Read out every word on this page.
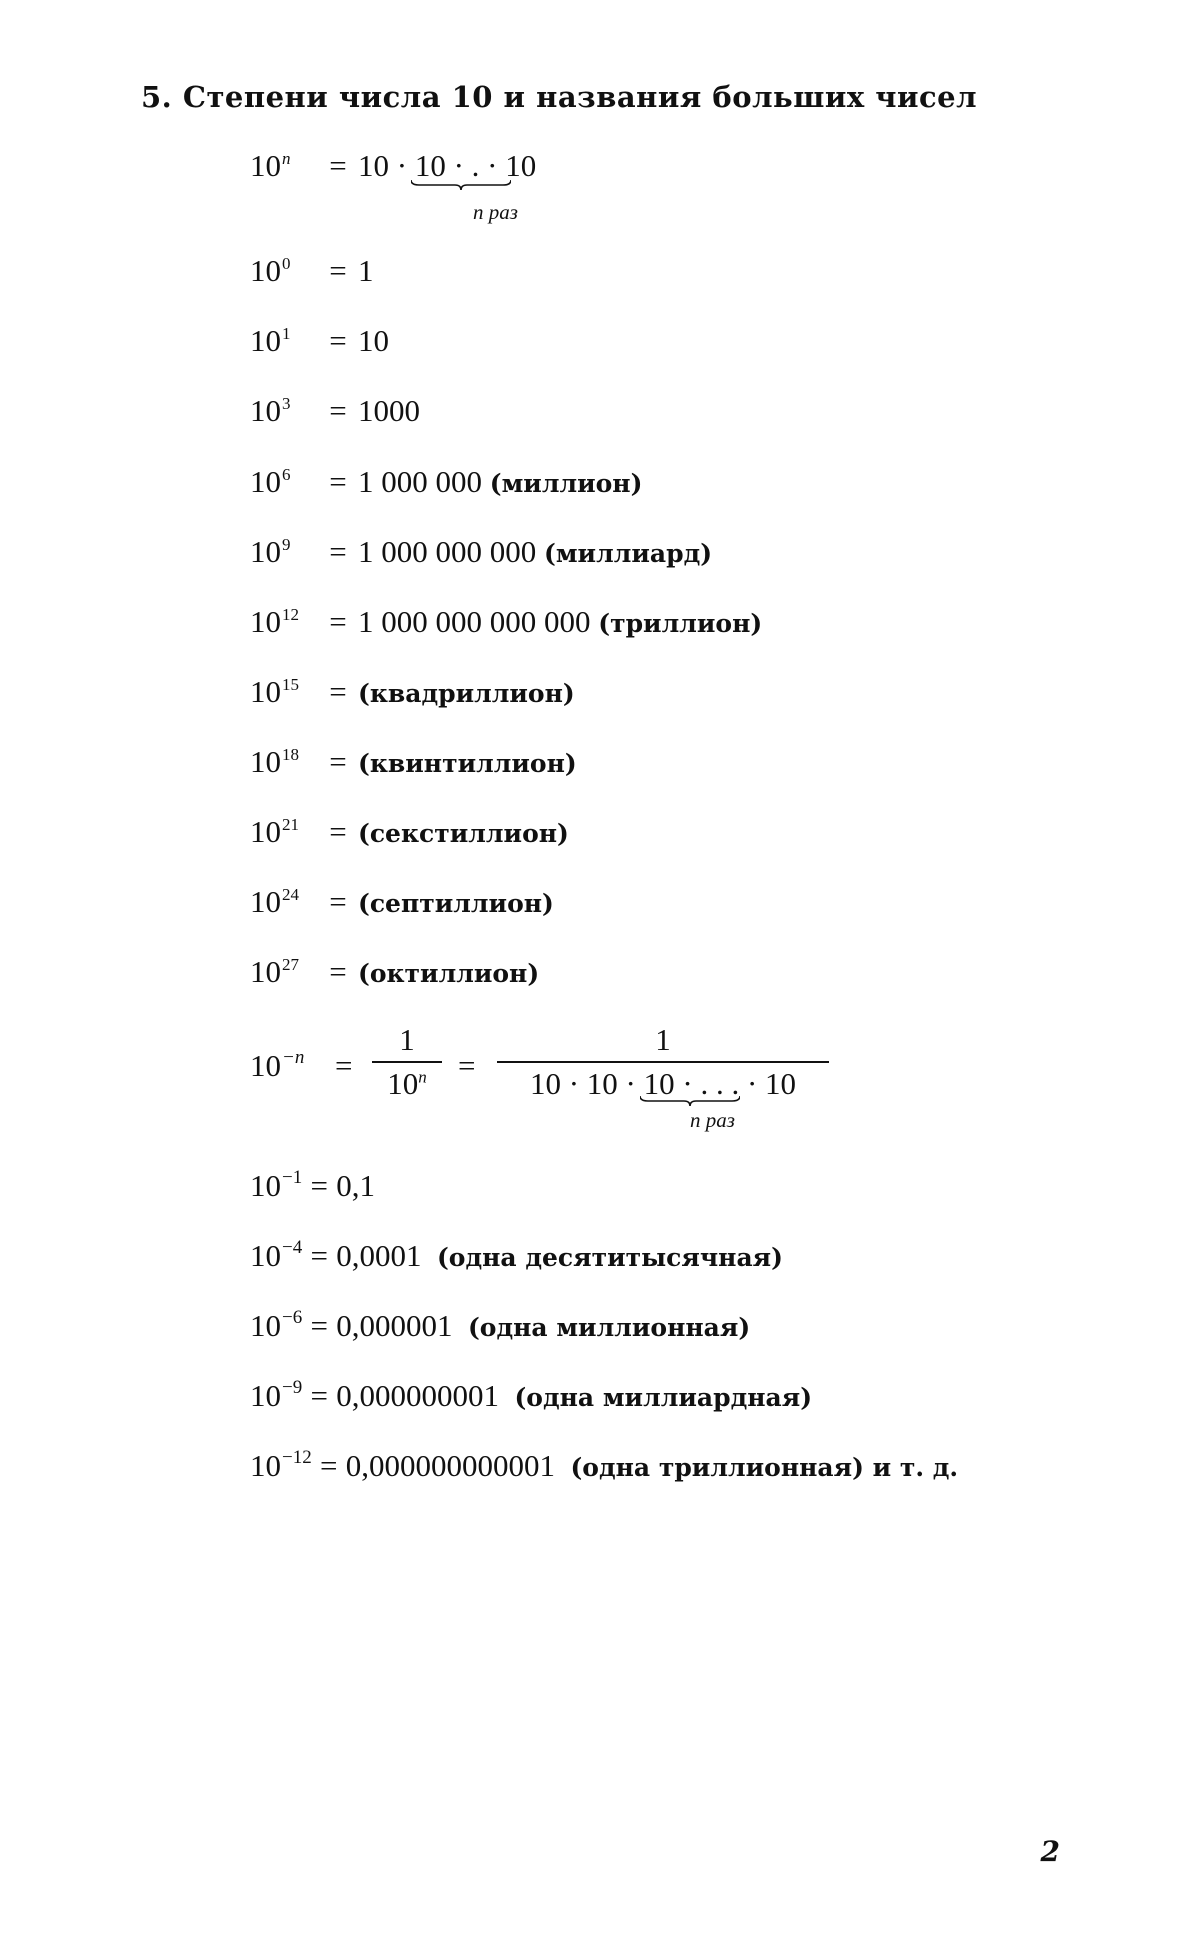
5. Степени числа 10 и названия больших чисел
$10^n = 10 \cdot 10$ · . · 10
n раз
$10^0 = 1$
$10^1 = 10$
$10^3 = 1000$
$10^6 = 1$ 000 000 (миллион)
$10^9 = 1$ 000 000 000 (миллиард)
$10^{12} = 1$ 000 000 000 000 (триллион)
$10^{15}$ = (квадриллион)
$10^{18}$ = (квинтиллион)
$10^{21}$ = (секстиллион)
$10^{24}$ = (септиллион)
$10^{27}$ = (октиллион)
$10^{-n}$ =
1
$10^n$	=
1
10 · 10 · 10 · . . . · 10
n раз
$10^{-1} = 0,1$
$10^{-4} = 0,0001$ (одна десятитысячная)
$10^{-6} = 0,000001$ (одна миллионная)
$10^{-9} = 0,000000001$ (одна миллиардная)
$10^{-12} = 0,000000000001$ (одна триллионная) и т. д.
2
